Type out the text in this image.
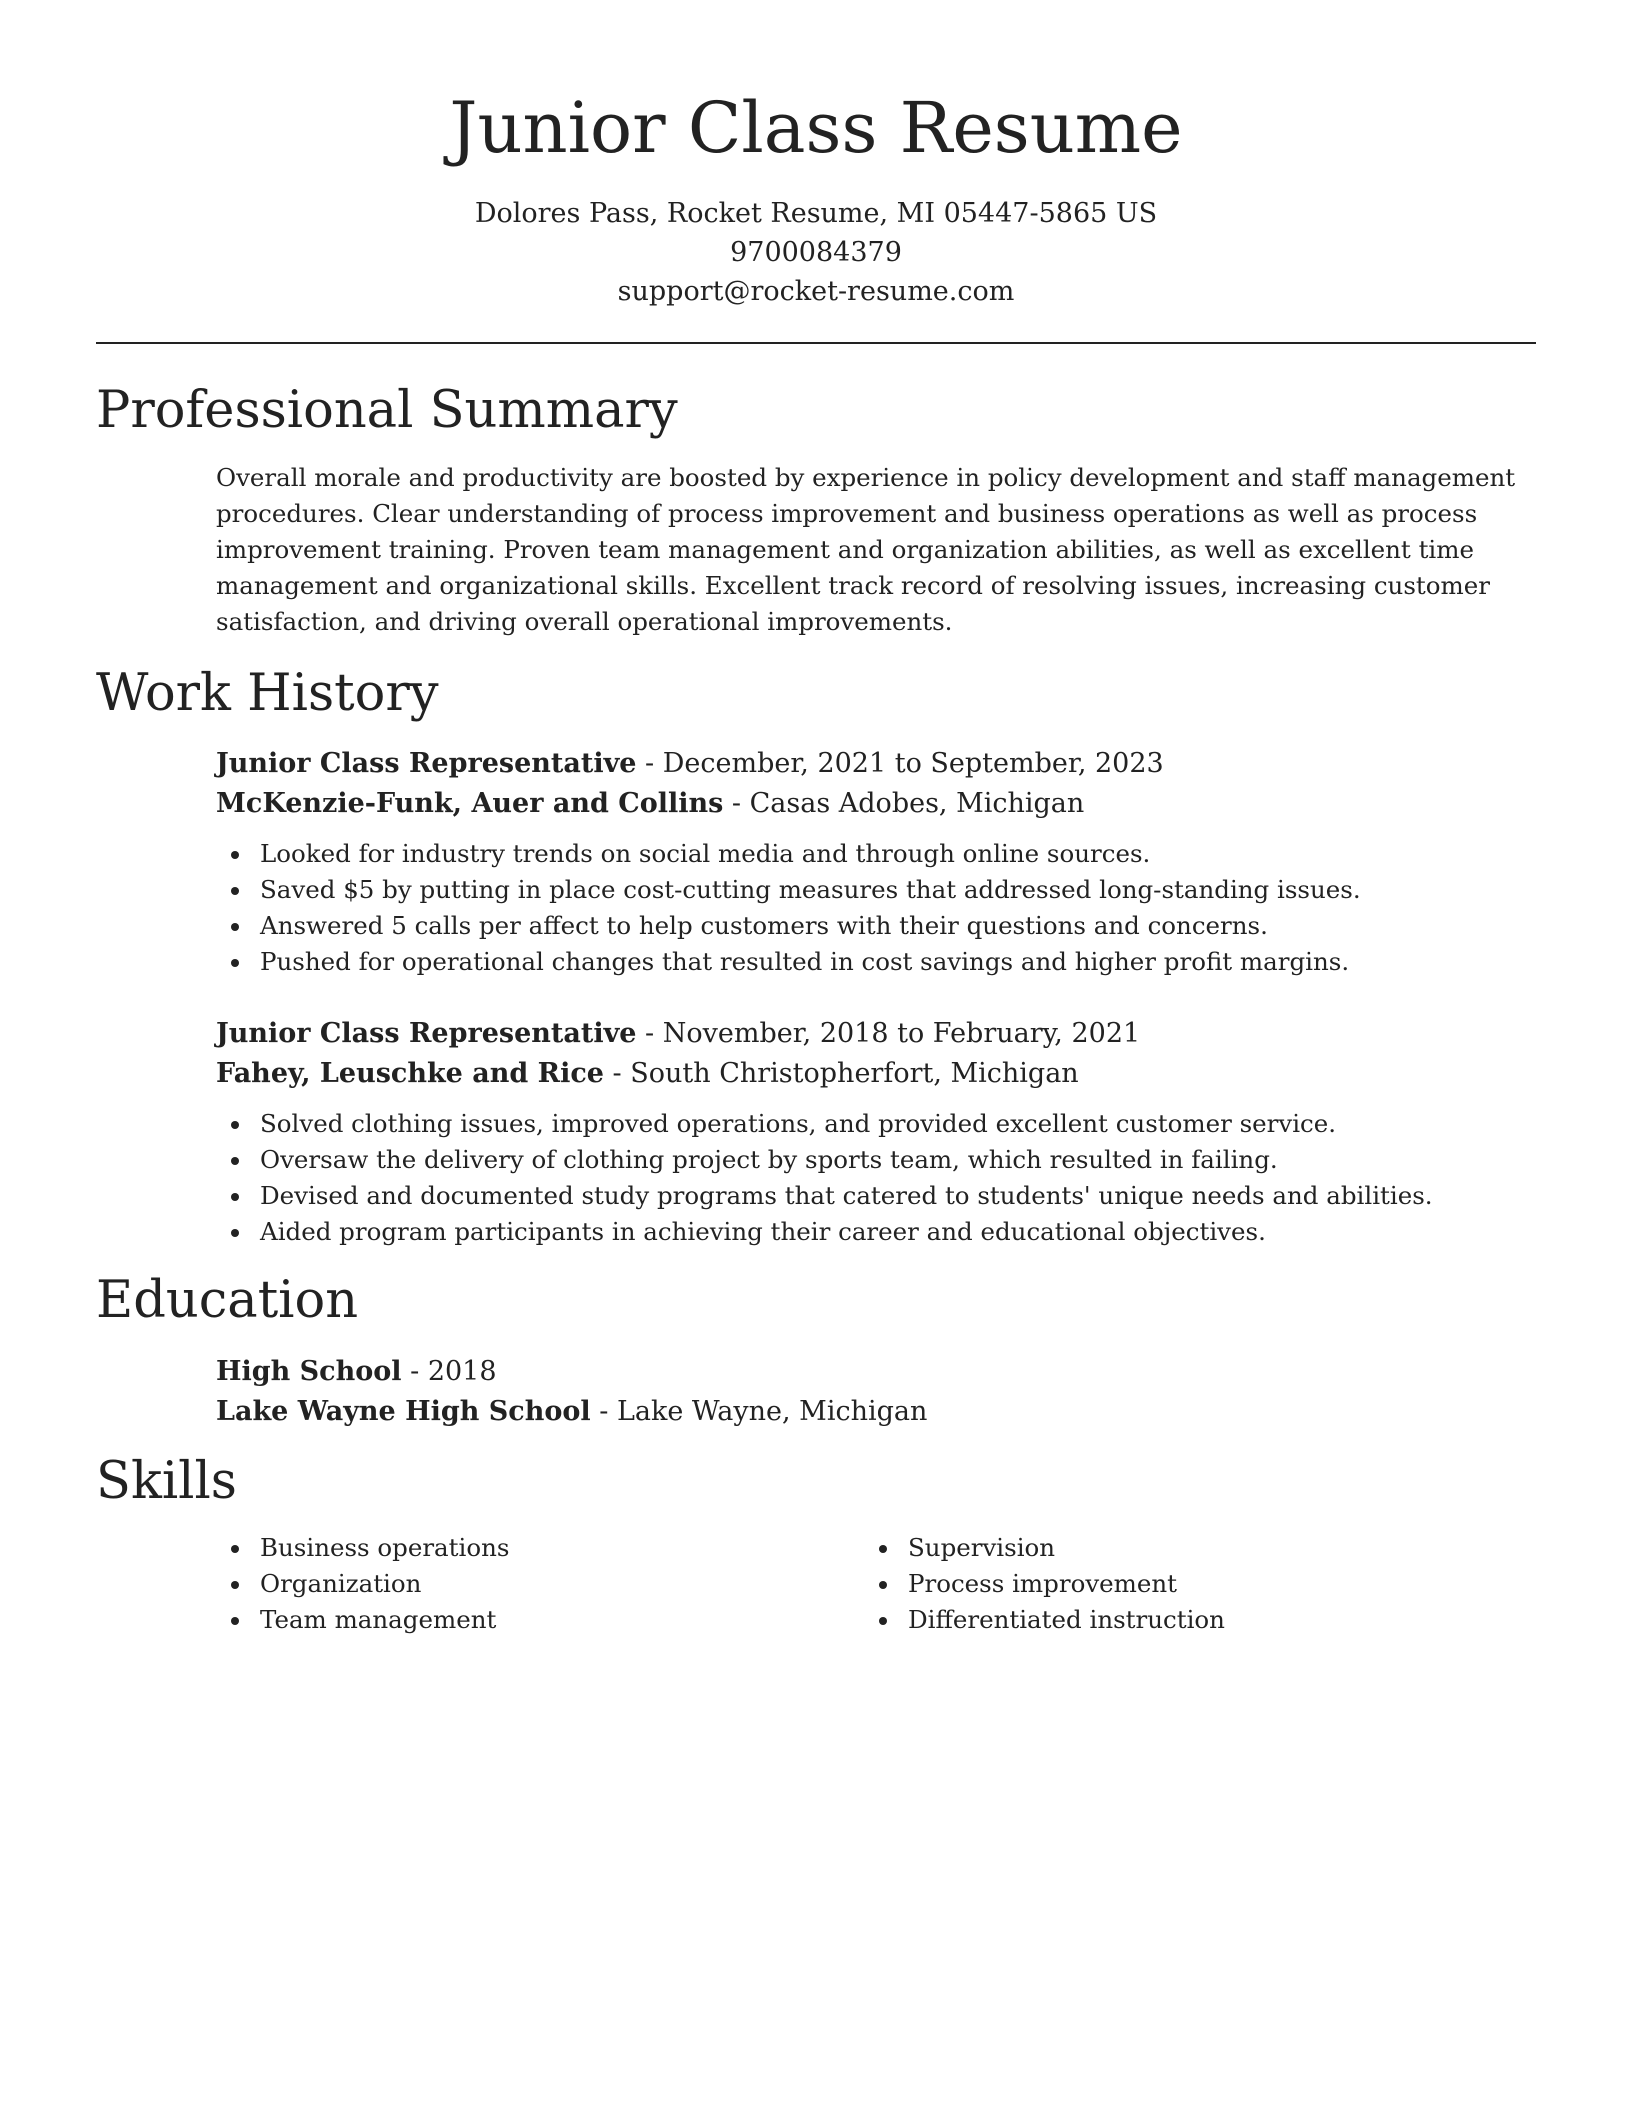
Junior Class Resume
Dolores Pass, Rocket Resume, MI 05447-5865 US
9700084379
support@rocket-resume.com
Professional Summary
Overall morale and productivity are boosted by experience in policy development and staff management procedures. Clear understanding of process improvement and business operations as well as process improvement training. Proven team management and organization abilities, as well as excellent time management and organizational skills. Excellent track record of resolving issues, increasing customer satisfaction, and driving overall operational improvements.
Work History
Junior Class Representative - December, 2021 to September, 2023
McKenzie-Funk, Auer and Collins - Casas Adobes, Michigan
Looked for industry trends on social media and through online sources.
Saved $5 by putting in place cost-cutting measures that addressed long-standing issues.
Answered 5 calls per affect to help customers with their questions and concerns.
Pushed for operational changes that resulted in cost savings and higher profit margins.
Junior Class Representative - November, 2018 to February, 2021
Fahey, Leuschke and Rice - South Christopherfort, Michigan
Solved clothing issues, improved operations, and provided excellent customer service.
Oversaw the delivery of clothing project by sports team, which resulted in failing.
Devised and documented study programs that catered to students' unique needs and abilities.
Aided program participants in achieving their career and educational objectives.
Education
High School - 2018
Lake Wayne High School - Lake Wayne, Michigan
Skills
Business operations
Organization
Team management
Supervision
Process improvement
Differentiated instruction
